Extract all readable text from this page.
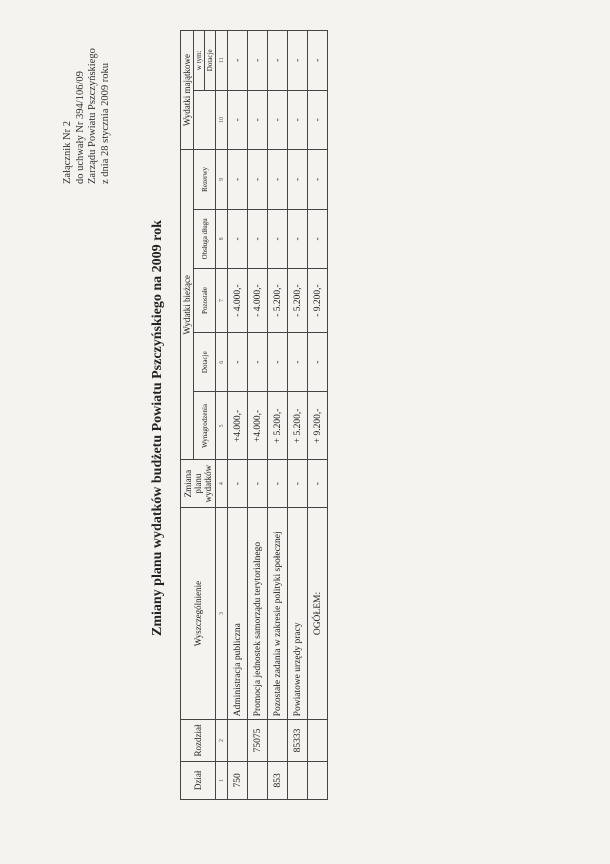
Załącznik Nr 2 do uchwały Nr 394/106/09 Zarządu Powiatu Pszczyńskiego z dnia 28 stycznia 2009 roku
Zmiany planu wydatków budżetu Powiatu Pszczyńskiego na 2009 rok
Dział	Rozdział	Wyszczególnienie	Zmiana planu wydatków	Wydatki bieżące					Wydatki majątkowe	
				Wynagrodzenia	Dotacje	Pozostałe	Obsługa długu	Rezerwy		w tym:
										Dotacje
1	2	3	4	5	6	7	8	9	10	11
750		Administracja publiczna	-	+4.000,-	-	- 4.000,-	-	-	-	-
	75075	Promocja jednostek samorządu terytorialnego	-	+4.000,-	-	- 4.000,-	-	-	-	-
853		Pozostałe zadania w zakresie polityki społecznej	-	+ 5.200,-	-	- 5.200,-	-	-	-	-
	85333	Powiatowe urzędy pracy	-	+ 5.200,-	-	- 5.200,-	-	-	-	-
		OGÓŁEM:	-	+ 9.200,-	-	- 9.200,-	-	-	-	-
